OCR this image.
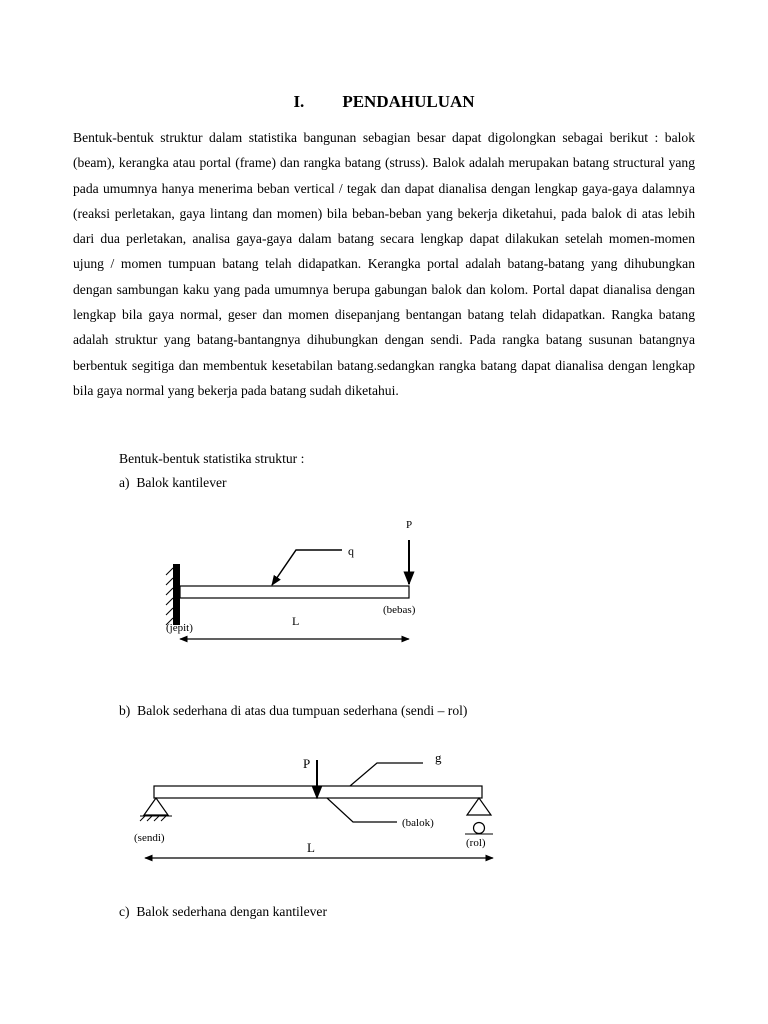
I. PENDAHULUAN

Bentuk-bentuk struktur dalam statistika bangunan sebagian besar dapat digolongkan sebagai berikut : balok (beam), kerangka atau portal (frame) dan rangka batang (struss). Balok adalah merupakan batang structural yang pada umumnya hanya menerima beban vertical / tegak dan dapat dianalisa dengan lengkap gaya-gaya dalamnya (reaksi perletakan, gaya lintang dan momen) bila beban-beban yang bekerja diketahui, pada balok di atas lebih dari dua perletakan, analisa gaya-gaya dalam batang secara lengkap dapat dilakukan setelah momen-momen ujung / momen tumpuan batang telah didapatkan. Kerangka portal adalah batang-batang yang dihubungkan dengan sambungan kaku yang pada umumnya berupa gabungan balok dan kolom. Portal dapat dianalisa dengan lengkap bila gaya normal, geser dan momen disepanjang bentangan batang telah didapatkan. Rangka batang adalah struktur yang batang-bantangnya dihubungkan dengan sendi. Pada rangka batang susunan batangnya berbentuk segitiga dan membentuk kesetabilan batang.sedangkan rangka batang dapat dianalisa dengan lengkap bila gaya normal yang bekerja pada batang sudah diketahui.

Bentuk-bentuk statistika struktur :
a) Balok kantilever
b) Balok sederhana di atas dua tumpuan sederhana (sendi – rol)
c) Balok sederhana dengan kantilever
P
q
(bebas)
(jepit)	L
P	g
(balok)
(sendi)	(rol)
L
